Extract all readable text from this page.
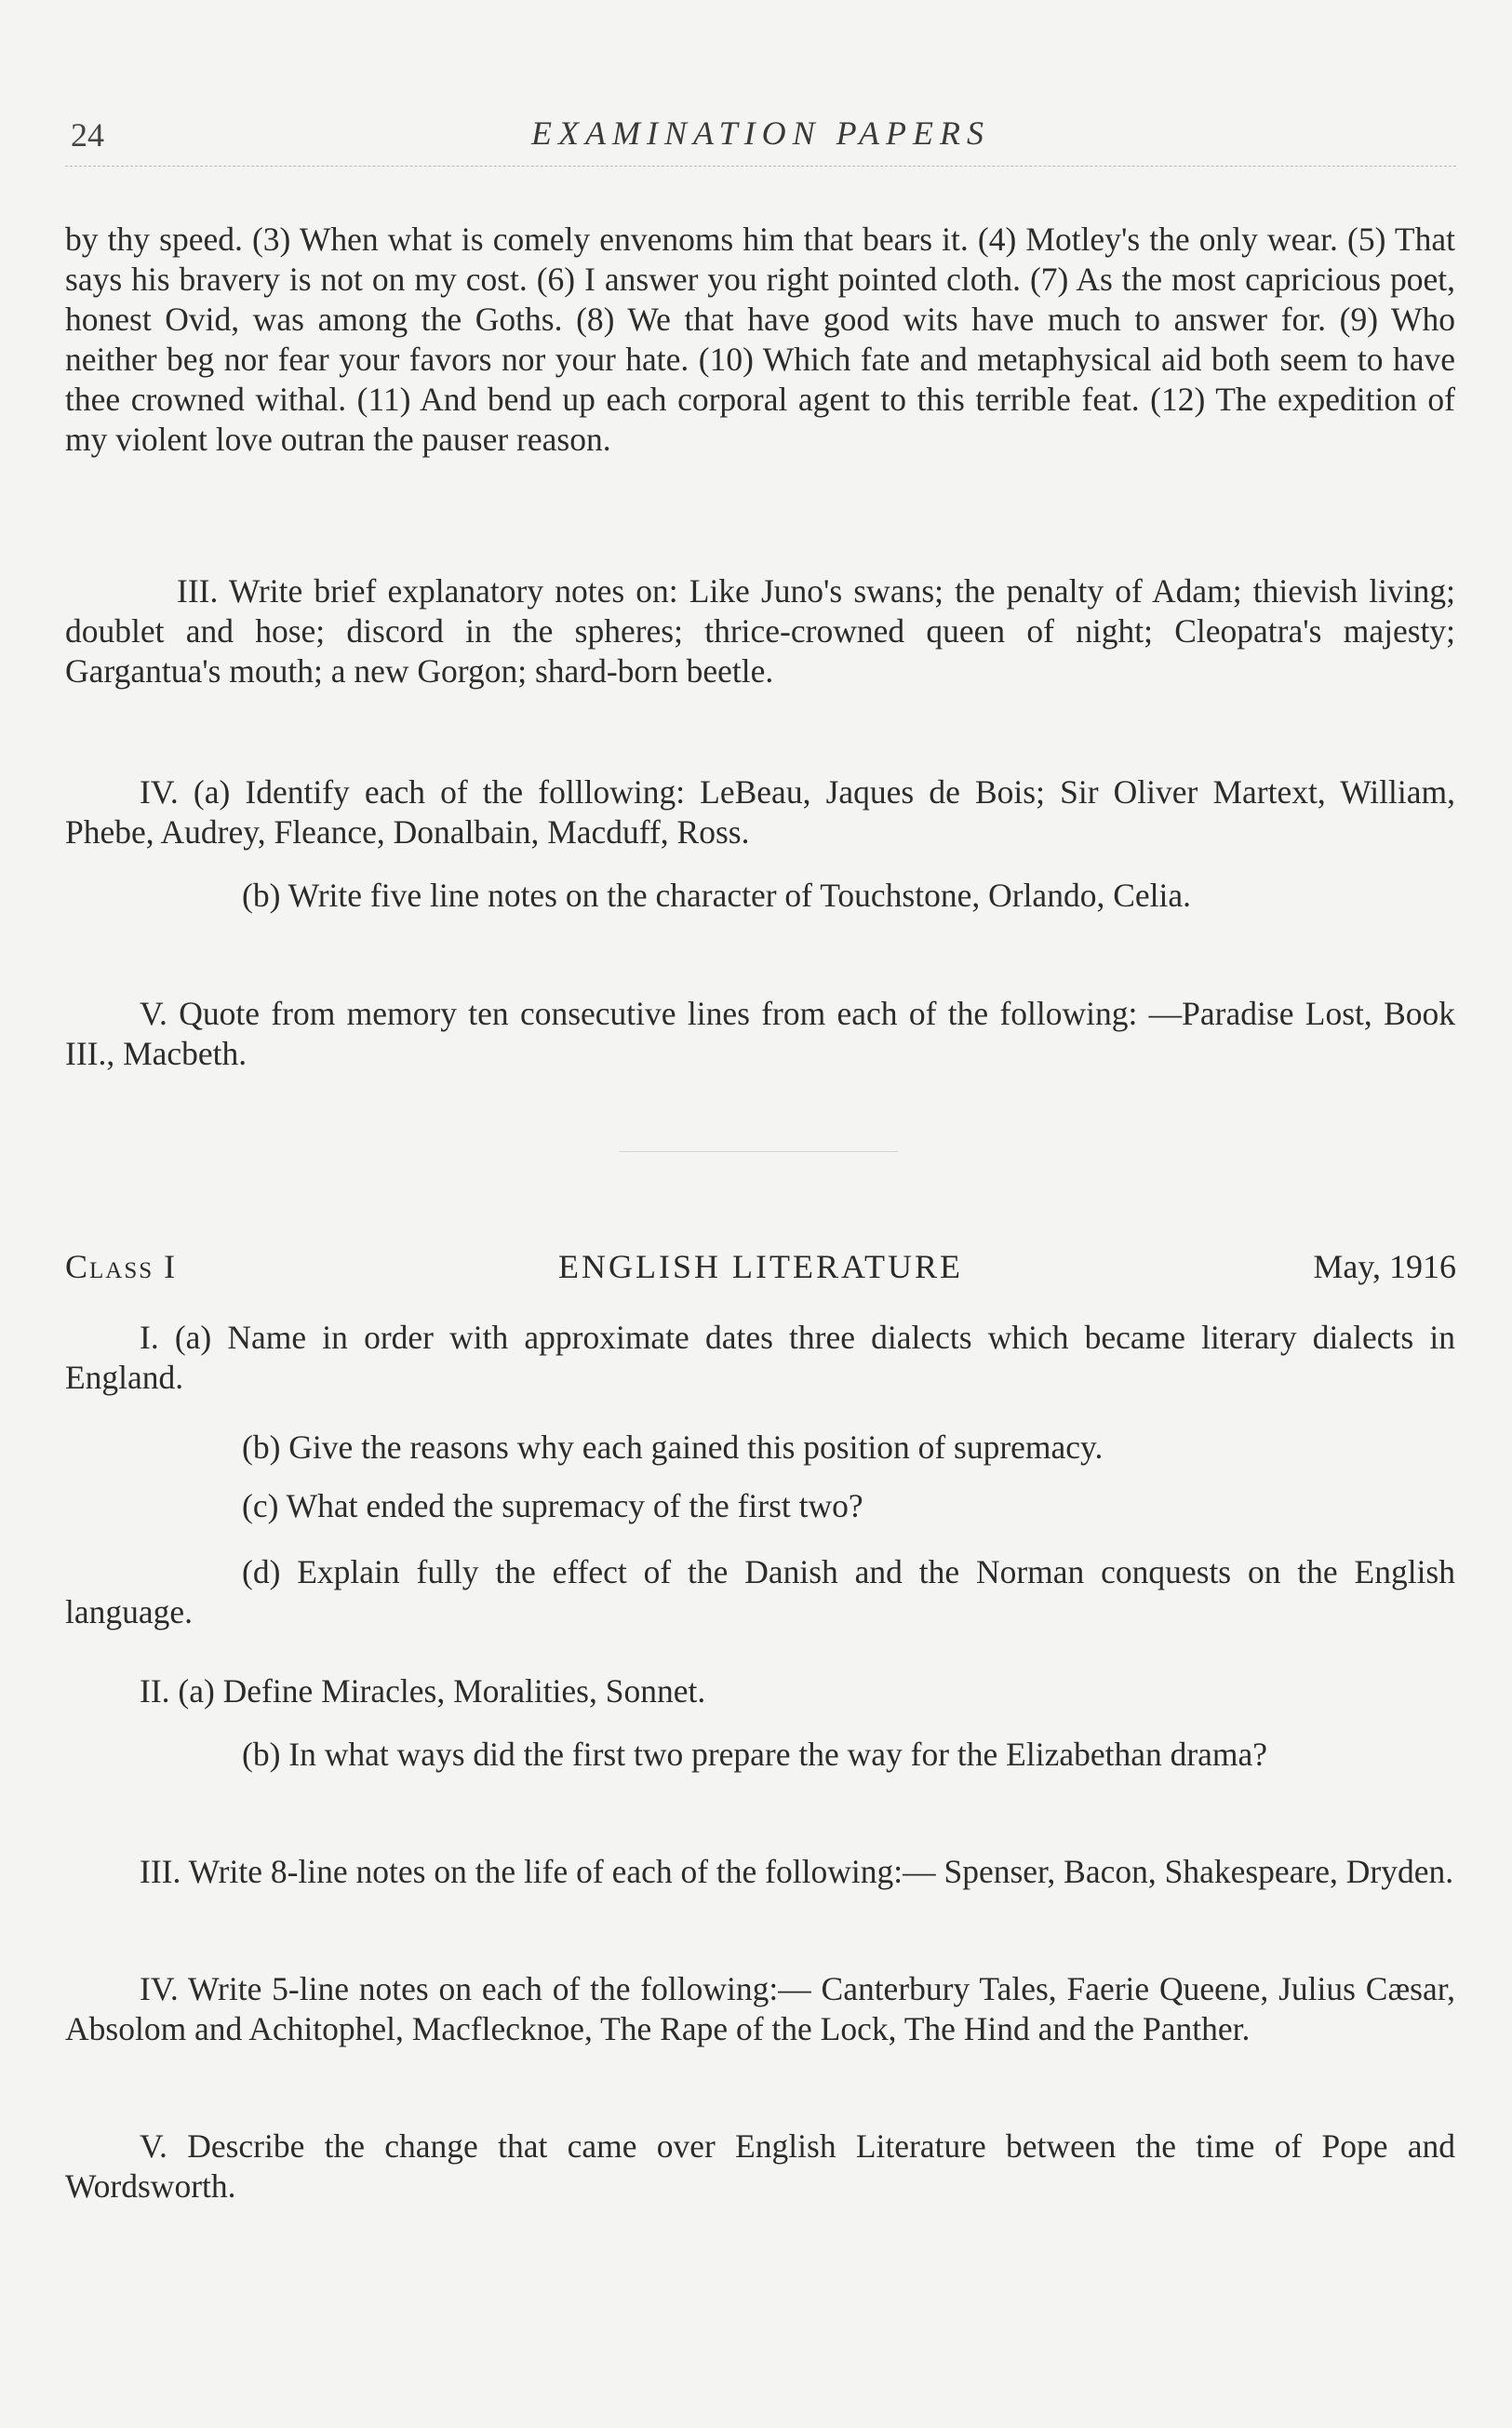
24	EXAMINATION PAPERS

by thy speed. (3) When what is comely envenoms him that bears it. (4) Motley's the only wear. (5) That says his bravery is not on my cost. (6) I answer you right pointed cloth. (7) As the most capricious poet, honest Ovid, was among the Goths. (8) We that have good wits have much to answer for. (9) Who neither beg nor fear your favors nor your hate. (10) Which fate and metaphysical aid both seem to have thee crowned withal. (11) And bend up each corporal agent to this terrible feat. (12) The expedition of my violent love outran the pauser reason.

III. Write brief explanatory notes on: Like Juno's swans; the penalty of Adam; thievish living; doublet and hose; discord in the spheres; thrice-crowned queen of night; Cleopatra's majesty; Gargantua's mouth; a new Gorgon; shard-born beetle.

IV. (a) Identify each of the folllowing: LeBeau, Jaques de Bois; Sir Oliver Martext, William, Phebe, Audrey, Fleance, Donalbain, Macduff, Ross.

(b) Write five line notes on the character of Touchstone, Orlando, Celia.

V. Quote from memory ten consecutive lines from each of the following: —Paradise Lost, Book III., Macbeth.

Class I	ENGLISH LITERATURE	May, 1916

I. (a) Name in order with approximate dates three dialects which became literary dialects in England.

(b) Give the reasons why each gained this position of supremacy.

(c) What ended the supremacy of the first two?

(d) Explain fully the effect of the Danish and the Norman conquests on the English language.

II. (a) Define Miracles, Moralities, Sonnet.

(b) In what ways did the first two prepare the way for the Elizabethan drama?

III. Write 8-line notes on the life of each of the following:— Spenser, Bacon, Shakespeare, Dryden.

IV. Write 5-line notes on each of the following:— Canterbury Tales, Faerie Queene, Julius Cæsar, Absolom and Achitophel, Macflecknoe, The Rape of the Lock, The Hind and the Panther.

V. Describe the change that came over English Literature between the time of Pope and Wordsworth.
